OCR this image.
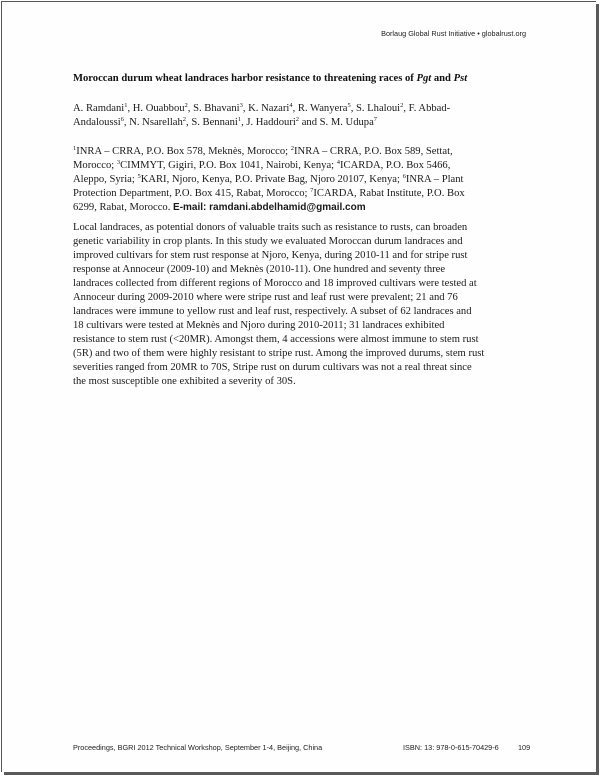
Borlaug Global Rust Initiative • globalrust.org
Moroccan durum wheat landraces harbor resistance to threatening races of Pgt and Pst
A. Ramdani$^1$, H. Ouabbou$^2$, S. Bhavani$^3$, K. Nazari$^4$, R. Wanyera$^5$, S. Lhaloui$^2$, F. Abbad-
Andaloussi$^6$, N. Nsarellah$^2$, S. Bennani$^1$, J. Haddouri$^2$ and S. M. Udupa$^7$
$^1$INRA – CRRA, P.O. Box 578, Meknès, Morocco; $^2$INRA – CRRA, P.O. Box 589, Settat,
Morocco; $^3$CIMMYT, Gigiri, P.O. Box 1041, Nairobi, Kenya; $^4$ICARDA, P.O. Box 5466,
Aleppo, Syria; $^5$KARI, Njoro, Kenya, P.O. Private Bag, Njoro 20107, Kenya; $^6$INRA – Plant
Protection Department, P.O. Box 415, Rabat, Morocco; $^7$ICARDA, Rabat Institute, P.O. Box
6299, Rabat, Morocco. E-mail: ramdani.abdelhamid@gmail.com
Local landraces, as potential donors of valuable traits such as resistance to rusts, can broaden
genetic variability in crop plants. In this study we evaluated Moroccan durum landraces and
improved cultivars for stem rust response at Njoro, Kenya, during 2010-11 and for stripe rust
response at Annoceur (2009-10) and Meknès (2010-11). One hundred and seventy three
landraces collected from different regions of Morocco and 18 improved cultivars were tested at
Annoceur during 2009-2010 where were stripe rust and leaf rust were prevalent; 21 and 76
landraces were immune to yellow rust and leaf rust, respectively. A subset of 62 landraces and
18 cultivars were tested at Meknès and Njoro during 2010-2011; 31 landraces exhibited
resistance to stem rust (<20MR). Amongst them, 4 accessions were almost immune to stem rust
(5R) and two of them were highly resistant to stripe rust. Among the improved durums, stem rust
severities ranged from 20MR to 70S, Stripe rust on durum cultivars was not a real threat since
the most susceptible one exhibited a severity of 30S.
Proceedings, BGRI 2012 Technical Workshop, September 1-4, Beijing, China	ISBN: 13: 978-0-615-70429-6	109
